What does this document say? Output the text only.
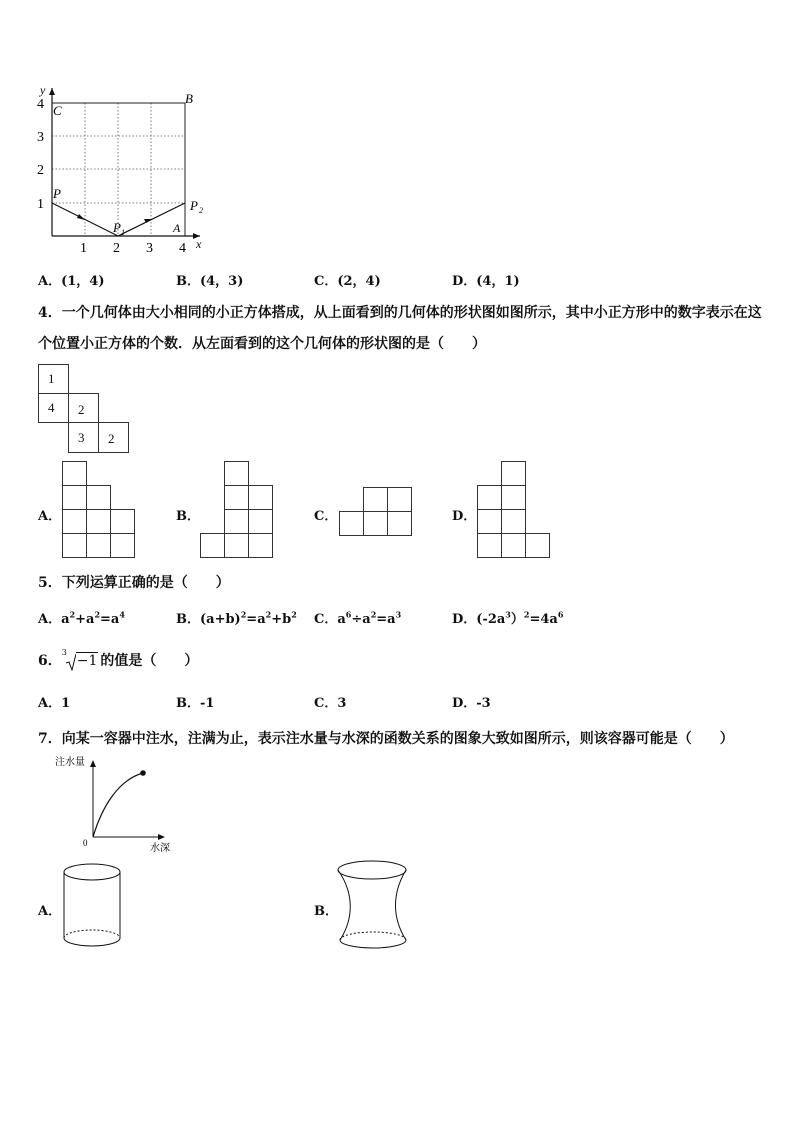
1 2 3 4
1
2
3
4
x
y
C
B
P
P 1
P 2
A
A．(1，4)	B．(4，3)	C．(2，4)	D．(4，1)
4．一个几何体由大小相同的小正方体搭成，从上面看到的几何体的形状图如图所示，其中小正方形中的数字表示在这
个位置小正方体的个数．从左面看到的这个几何体的形状图的是（　　）
1
4 2
3 2
A．	B．	C．	D．
5．下列运算正确的是（　　）
A．$a^2+a^2=a^4$	B．$(a+b)^2=a^2+b^2$ C．$a^6\div a^2=a^3$	D．$(-2a^3)^2=4a^6$
6．
3
−1 的值是（　　）
A．1	B．-1	C．3	D．-3
7．向某一容器中注水，注满为止，表示注水量与水深的函数关系的图象大致如图所示，则该容器可能是（　　）
注水量
水深
0
A．	B．
